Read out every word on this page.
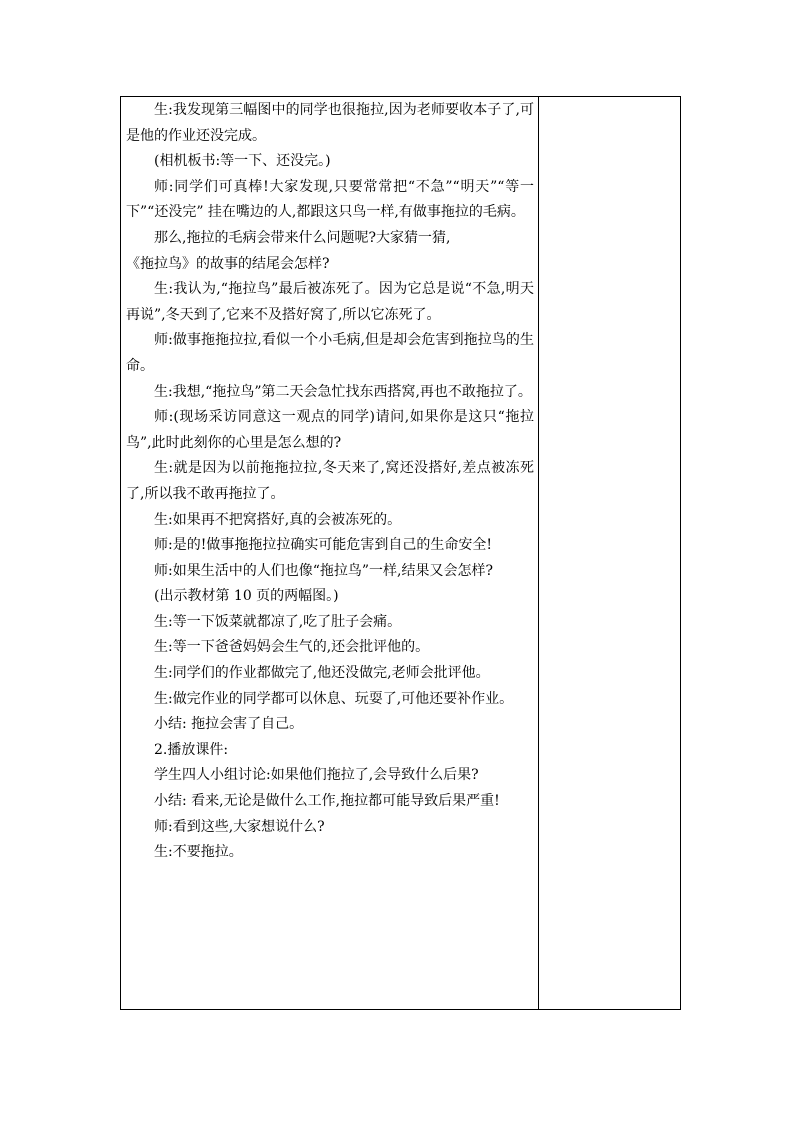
生:我发现第三幅图中的同学也很拖拉,因为老师要收本子了,可是他的作业还没完成。

(相机板书:等一下、还没完。)

师:同学们可真棒!大家发现,只要常常把“不急”“明天”“等一下”“还没完” 挂在嘴边的人,都跟这只鸟一样,有做事拖拉的毛病。

那么,拖拉的毛病会带来什么问题呢?大家猜一猜,
《拖拉鸟》的故事的结尾会怎样?

生:我认为,“拖拉鸟”最后被冻死了。因为它总是说“不急,明天再说”,冬天到了,它来不及搭好窝了,所以它冻死了。

师:做事拖拖拉拉,看似一个小毛病,但是却会危害到拖拉鸟的生命。

生:我想,“拖拉鸟”第二天会急忙找东西搭窝,再也不敢拖拉了。

师:(现场采访同意这一观点的同学)请问,如果你是这只“拖拉鸟”,此时此刻你的心里是怎么想的?

生:就是因为以前拖拖拉拉,冬天来了,窝还没搭好,差点被冻死了,所以我不敢再拖拉了。

生:如果再不把窝搭好,真的会被冻死的。

师:是的!做事拖拖拉拉确实可能危害到自己的生命安全!

师:如果生活中的人们也像“拖拉鸟”一样,结果又会怎样?

(出示教材第 10 页的两幅图。)

生:等一下饭菜就都凉了,吃了肚子会痛。

生:等一下爸爸妈妈会生气的,还会批评他的。

生:同学们的作业都做完了,他还没做完,老师会批评他。

生:做完作业的同学都可以休息、玩耍了,可他还要补作业。

小结: 拖拉会害了自己。

2.播放课件:

学生四人小组讨论:如果他们拖拉了,会导致什么后果?

小结: 看来,无论是做什么工作,拖拉都可能导致后果严重!

师:看到这些,大家想说什么?

生:不要拖拉。
